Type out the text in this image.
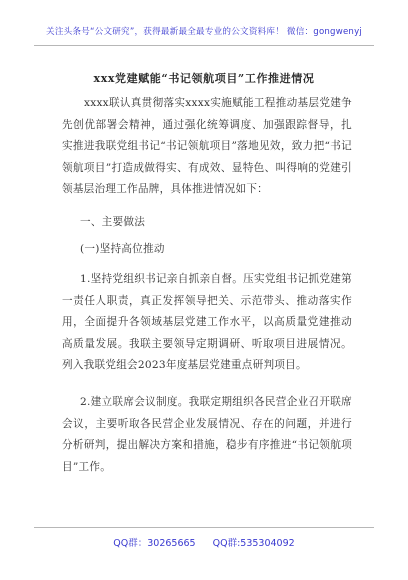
关注头条号“公文研究”，获得最新最全最专业的公文资料库！ 微信：gongwenyj
xxx党建赋能“书记领航项目”工作推进情况
xxxx联认真贯彻落实xxxx实施赋能工程推动基层党建争先创优部署会精神，通过强化统筹调度、加强跟踪督导，扎实推进我联党组书记“书记领航项目”落地见效，致力把“书记领航项目”打造成做得实、有成效、显特色、叫得响的党建引领基层治理工作品牌，具体推进情况如下：
一、主要做法
(一)坚持高位推动
1.坚持党组织书记亲自抓亲自督。压实党组书记抓党建第一责任人职责，真正发挥领导把关、示范带头、推动落实作用，全面提升各领域基层党建工作水平，以高质量党建推动高质量发展。我联主要领导定期调研、听取项目进展情况。列入我联党组会2023年度基层党建重点研判项目。
2.建立联席会议制度。我联定期组织各民营企业召开联席会议，主要听取各民营企业发展情况、存在的问题，并进行分析研判，提出解决方案和措施，稳步有序推进“书记领航项目”工作。
QQ群：30265665 QQ群:535304092
